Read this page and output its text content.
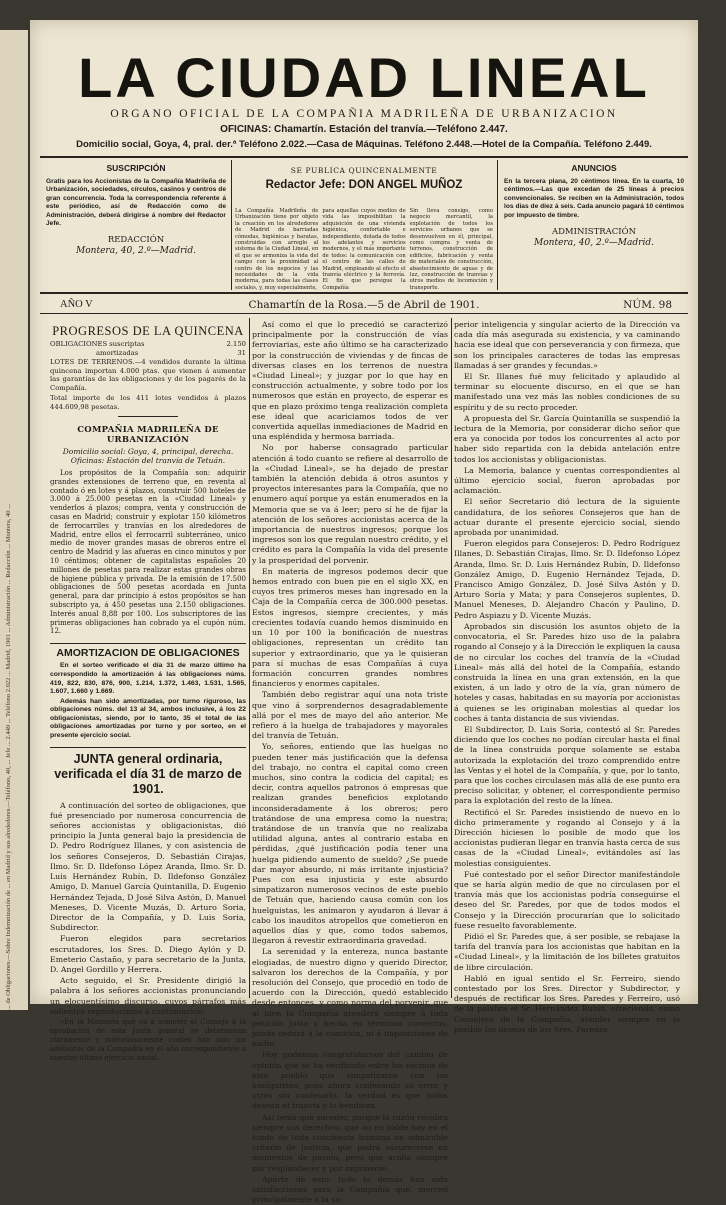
... de Obligaciones.—Sobre Indemnización de ... en Madrid y sus alrededores.—Teléfono, 40, ... Jefe ... 2.449 ... Teléfono 2.022 ... Madrid, 1901 ... Administración ... Redacción ... Montera, 40 ...
LA CIUDAD LINEAL
ORGANO OFICIAL DE LA COMPAÑIA MADRILEÑA DE URBANIZACION
OFICINAS: Chamartín. Estación del tranvía.—Teléfono 2.447.
Domicilio social, Goya, 4, pral. der.ª Teléfono 2.022.—Casa de Máquinas. Teléfono 2.448.—Hotel de la Compañía. Teléfono 2.449.
SUSCRIPCIÓN
Gratis para los Accionistas de la Compañía Madrileña de Urbanización, sociedades, círculos, casinos y centros de gran concurrencia. Toda la correspondencia referente á este periódico, así de Redacción como de Administración, deberá dirigirse á nombre del Redactor Jefe.
REDACCIÓN
Montera, 40, 2.º—Madrid.
SE PUBLICA QUINCENALMENTE
Redactor Jefe: DON ANGEL MUÑOZ

La Compañía Madrileña de Urbanización tiene por objeto la creación en los alrededores de Madrid de barriadas cómodas, higiénicas y baratas, construidas con arreglo al sistema de la Ciudad Lineal, en el que se armoniza la vida del campo con la proximidad al centro de los negocios y las necesidades de la vida moderna, para todas las clases sociales, y, muy especialmente,

para aquellas cuyos medios de vida las imposibilitan la adquisición de una vivienda higiénica, confortable e independiente, dotada de todos los adelantos y servicios modernos, y el más importante de todos: la comunicación con el centro de las calles de Madrid, empleando al efecto el tranvía eléctrico y la ferrovía. El fin que persigue la Compañía

Sin lleva consigo, como negocio mercantil, la explotación de todos los servicios urbanos que se desenvuelven en él, principal, como compra y venta de terrenos, construcción de edificios, fabricación y venta de materiales de construcción, abastecimiento de aguas y de luz, construcción de tranvías y otros medios de locomoción y transporte.

ANUNCIOS
En la tercera plana, 20 céntimos línea. En la cuarta, 10 céntimos.—Las que excedan de 25 líneas á precios convencionales. Se reciben en la Administración, todos los días de diez á seis. Cada anuncio pagará 10 céntimos por impuesto de timbre.
ADMINISTRACIÓN
Montera, 40, 2.º—Madrid.
AÑO V	Chamartín de la Rosa.—5 de Abril de 1901.	NÚM. 98
PROGRESOS DE LA QUINCENA
OBLIGACIONES suscriptas	2.150
amortizadas	31

LOTES DE TERRENOS.—4 vendidos durante la última quincena importan 4.000 ptas. que vienen á aumentar las garantías de las obligaciones y de los pagarés de la Compañía.

Total importe de los 411 lotes vendidos á plazos 444.609,98 pesetas.

COMPAÑIA MADRILEÑA DE URBANIZACIÓN
Domicilio social: Goya, 4, principal, derecha. Oficinas: Estación del tranvía de Tetuán.

Los propósitos de la Compañía son: adquirir grandes extensiones de terreno que, en reventa al contado ó en lotes y á plazos, construir 500 hoteles de 3.000 á 25.000 pesetas en la «Ciudad Lineal» y venderlos á plazos; compra, venta y construcción de casas en Madrid; construir y explotar 150 kilómetros de ferrocarriles y tranvías en los alrededores de Madrid, entre ellos el ferrocarril subterráneo, unico medio de mover grandes masas de obreros entre el centro de Madrid y las afueras en cinco minutos y por 10 céntimos; obtener de capitalistas españoles 20 millones de pesetas para realizar estas grandes obras de higiene pública y privada. De la emisión de 17.500 obligaciones de 500 pesetas acordada en Junta general, para dar principio á estos propósitos se han subscripto ya, á 450 pesetas una 2.150 obligaciones. Interés anual 8,88 por 100. Los subscriptores de las primeras obligaciones han cobrado ya el cupón núm. 12.

AMORTIZACION DE OBLIGACIONES

En el sorteo verificado el día 31 de marzo último ha correspondido la amortización á las obligaciones núms. 419, 822, 830, 876, 900, 1.214, 1.372, 1.463, 1.531, 1.565, 1.607, 1.660 y 1.669.

Además han sido amortizadas, por turno riguroso, las obligaciones núms. del 13 al 34, ambos inclusive, á los 22 obligacionistas, siendo, por lo tanto, 35 el total de las obligaciones amortizadas por turno y por sorteo, en el presente ejercicio social.

JUNTA general ordinaria, verificada el día 31 de marzo de 1901.

A continuación del sorteo de obligaciones, que fué presenciado por numerosa concurrencia de señores accionistas y obligacionistas, dió principio la Junta general bajo la presidencia de D. Pedro Rodríguez Illanes, y con asistencia de los señores Consejeros, D. Sebastián Cirajas, Ilmo. Sr. D. Ildefonso López Aranda, Ilmo. Sr. D. Luis Hernández Rubín, D. Ildefonso González Amigo, D. Manuel García Quintanilla, D. Eugenio Hernández Tejada, D José Silva Astón, D. Manuel Meneses, D. Vicente Muzás, D. Arturo Soria, Director de la Compañía, y D. Luis Soria, Subdirector.

Fueron elegidos para secretarios escrutadores, los Sres. D. Diego Aylón y D. Emeterio Castaño, y para secretario de la Junta, D. Angel Gordillo y Herrera.

Acto seguido, el Sr. Presidente dirigió la palabra á los señores accionistas pronunciando un elocuentísimo discurso, cuyos párrafos más salientes reproducimos á continuación:

«En la Memoria que va á someter el Consejo á la aprobación de esta Junta general se determinan claramente y minuciosamente cuáles han sido los adelantos de la Compañía en el año correspondiente á nuestro último ejercicio social.

Así como el que lo precedió se caracterizó principalmente por la construcción de vías ferroviarias, este año último se ha caracterizado por la construcción de viviendas y de fincas de diversas clases en los terrenos de nuestra «Ciudad Lineal»; y juzgar por lo que hay en construcción actualmente, y sobre todo por los numerosos que están en proyecto, de esperar es que en plazo próximo tenga realización completa ese ideal que acariciamos todos de ver convertida aquellas inmediaciones de Madrid en una espléndida y hermosa barriada.

No por haberse consagrado particular atención á todo cuanto se refiere al desarrollo de la «Ciudad Lineal», se ha dejado de prestar también la atención debida á otros asuntos y proyectos interesantes para la Compañía, que no enumero aquí porque ya están enumerados en la Memoria que se va á leer; pero sí he de fijar la atención de los señores accionistas acerca de la importancia de nuestros ingresos; porque los ingresos son los que regulan nuestro crédito, y el crédito es para la Compañía la vida del presente y la prosperidad del porvenir.

En materia de ingresos podemos decir que hemos entrado con buen pie en el siglo XX, en cuyos tres primeros meses han ingresado en la Caja de la Compañía cerca de 300.000 pesetas. Estos ingresos, siempre crecientes, y más crecientes todavía cuando hemos disminuido en un 10 por 100 la bonificación de nuestras obligaciones, representan un crédito tan superior y extraordinario, que ya le quisieran para sí muchas de esas Compañías á cuya formación concurren grandes nombres financieros y enormes capitales.

También debo registrar aquí una nota triste que vino á sorprendernos desagradablemente allá por el mes de mayo del año anterior. Me refiero á la huelga de trabajadores y mayorales del tranvía de Tetuán.

Yo, señores, entiendo que las huelgas no pueden tener más justificación que la defensa del trabajo, no contra el capital como creen muchos, sino contra la codicia del capital; es decir, contra aquellos patronos ó empresas que realizan grandes beneficios explotando inconsideradamente á los obreros; pero tratándose de una empresa como la nuestra; tratándose de un tranvía que no realizaba utilidad alguna, antes al contrario estaba en pérdidas, ¿qué justificación podía tener una huelga pidiendo aumento de sueldo? ¿Se puede dar mayor absurdo, ni más irritante injusticia? Pues con esa injusticia y este absurdo simpatizaron numerosos vecinos de este pueblo de Tetuán que, haciendo causa común con los huelguistas, les animaron y ayudaron á llevar á cabo los inauditos atropellos que cometieron en aquellos días y que, como todos sabemos, llegaron á revestir extraordinaria gravedad.

La serenidad y la entereza, nunca bastante elogiadas, de nuestro digno y querido Director, salvaron los derechos de la Compañía, y por resolución del Consejo, que procedió en todo de acuerdo con la Dirección, quedó establecido desde entonces, y como norma del porvenir, que al bien la Compañía atenderá siempre á toda petición justa y hecha en términos correctos, jamás cederá á la coacción, ni á imposiciones de nadie.

Hoy podemos congratularnos del cambio de opinión que se ha verificado entre los vecinos de este pueblo que simpatizaron con los huelguistas; pues ahora confesando su error y otros sin confesarlo, la verdad es que todos desean el tranvía y lo bendicen.

Así tenía que suceder, porque la razón recobra siempre sus derechos; que no en balde hay en el fondo de toda conciencia humana un admirable criterio de justicia, que podrá oscurecerse en momentos de pasión, pero que acaba siempre por resplandecer y por imponerse.

Aparte de esto, todo lo demás han sido satisfacciones para la Compañía que, merced principalmente á la su-

perior inteligencia y singular acierto de la Dirección va cada día más asegurada su existencia, y va caminando hacia ese ideal que con perseverancia y con firmeza, que son los principales caracteres de todas las empresas llamadas á ser grandes y fecundas.»

El Sr. Illanes fué muy felicitado y aplaudido al terminar su elocuente discurso, en el que se han manifestado una vez más las nobles condiciones de su espíritu y de su recto proceder.

A propuesta del Sr. García Quintanilla se suspendió la lectura de la Memoria, por considerar dicho señor que era ya conocida por todos los concurrentes al acto por haber sido repartida con la debida antelación entre todos los accionistas y obligacionistas.

La Memoria, balance y cuentas correspondientes al último ejercicio social, fueron aprobadas por aclamación.

El señor Secretario dió lectura de la siguiente candidatura, de los señores Consejeros que han de actuar durante el presente ejercicio social, siendo aprobada por unanimidad.

Fueron elegidos para Consejeros: D. Pedro Rodríguez Illanes, D. Sebastián Cirajas, Ilmo. Sr. D. Ildefonso López Aranda, Ilmo. Sr. D. Luis Hernández Rubín, D. Ildefonso González Amigo, D. Eugenio Hernández Tejada, D. Francisco Amigo González, D. José Silva Astón y D. Arturo Soria y Mata; y para Consejeros suplentes, D. Manuel Meneses, D. Alejandro Chacón y Paulino, D. Pedro Aspiazu y D. Vicente Muzás.

Aprobados sin discusión los asuntos objeto de la convocatoria, el Sr. Paredes hizo uso de la palabra rogando al Consejo y á la Dirección le expliquen la causa de no circular los coches del tranvía de la «Ciudad Lineal» más allá del hotel de la Compañía, estando construida la línea en una gran extensión, en la que existen, á un lado y otro de la vía, gran número de hoteles y casas, habitadas en su mayoría por accionistas á quienes se les originaban molestias al quedar los coches á tanta distancia de sus viviendas.

El Subdirector, D. Luis Soria, contestó al Sr. Paredes diciendo que los coches no podían circular hasta el final de la línea construida porque solamente se estaba autorizada la explotación del trozo comprendido entre las Ventas y el hotel de la Compañía, y que, por lo tanto, para que los coches circulasen más allá de ese punto era preciso solicitar, y obtener, el correspondiente permiso para la explotación del resto de la línea.

Rectificó el Sr. Paredes insistiendo de nuevo en lo dicho primeramente y rogando al Consejo y á la Dirección hiciesen lo posible de modo que los accionistas pudieran llegar en tranvía hasta cerca de sus casas de la «Ciudad Lineal», evitándoles así las molestias consiguientes.

Fué contestado por el señor Director manifestándole que se haría algún medio de que no circulasen por el tranvía más que los accionistas podría conseguirse el deseo del Sr. Paredes, por que de todos modos el Consejo y la Dirección procurarían que lo solicitado fuese resuelto favorablemente.

Pidió el Sr. Paredes que, á ser posible, se rebajase la tarifa del tranvía para los accionistas que habitan en la «Ciudad Lineal», y la limitación de los billetes gratuitos de libre circulación.

Habló en igual sentido el Sr. Ferreiro, siendo contestado por los Sres. Director y Subdirector, y después de rectificar los Sres. Paredes y Ferreiro, usó de la palabra el Sr. Hernández Rubín, ofreciendo, como Consejero de la Compañía, atender siempre en lo posible los deseos de los Sres. Paredes
